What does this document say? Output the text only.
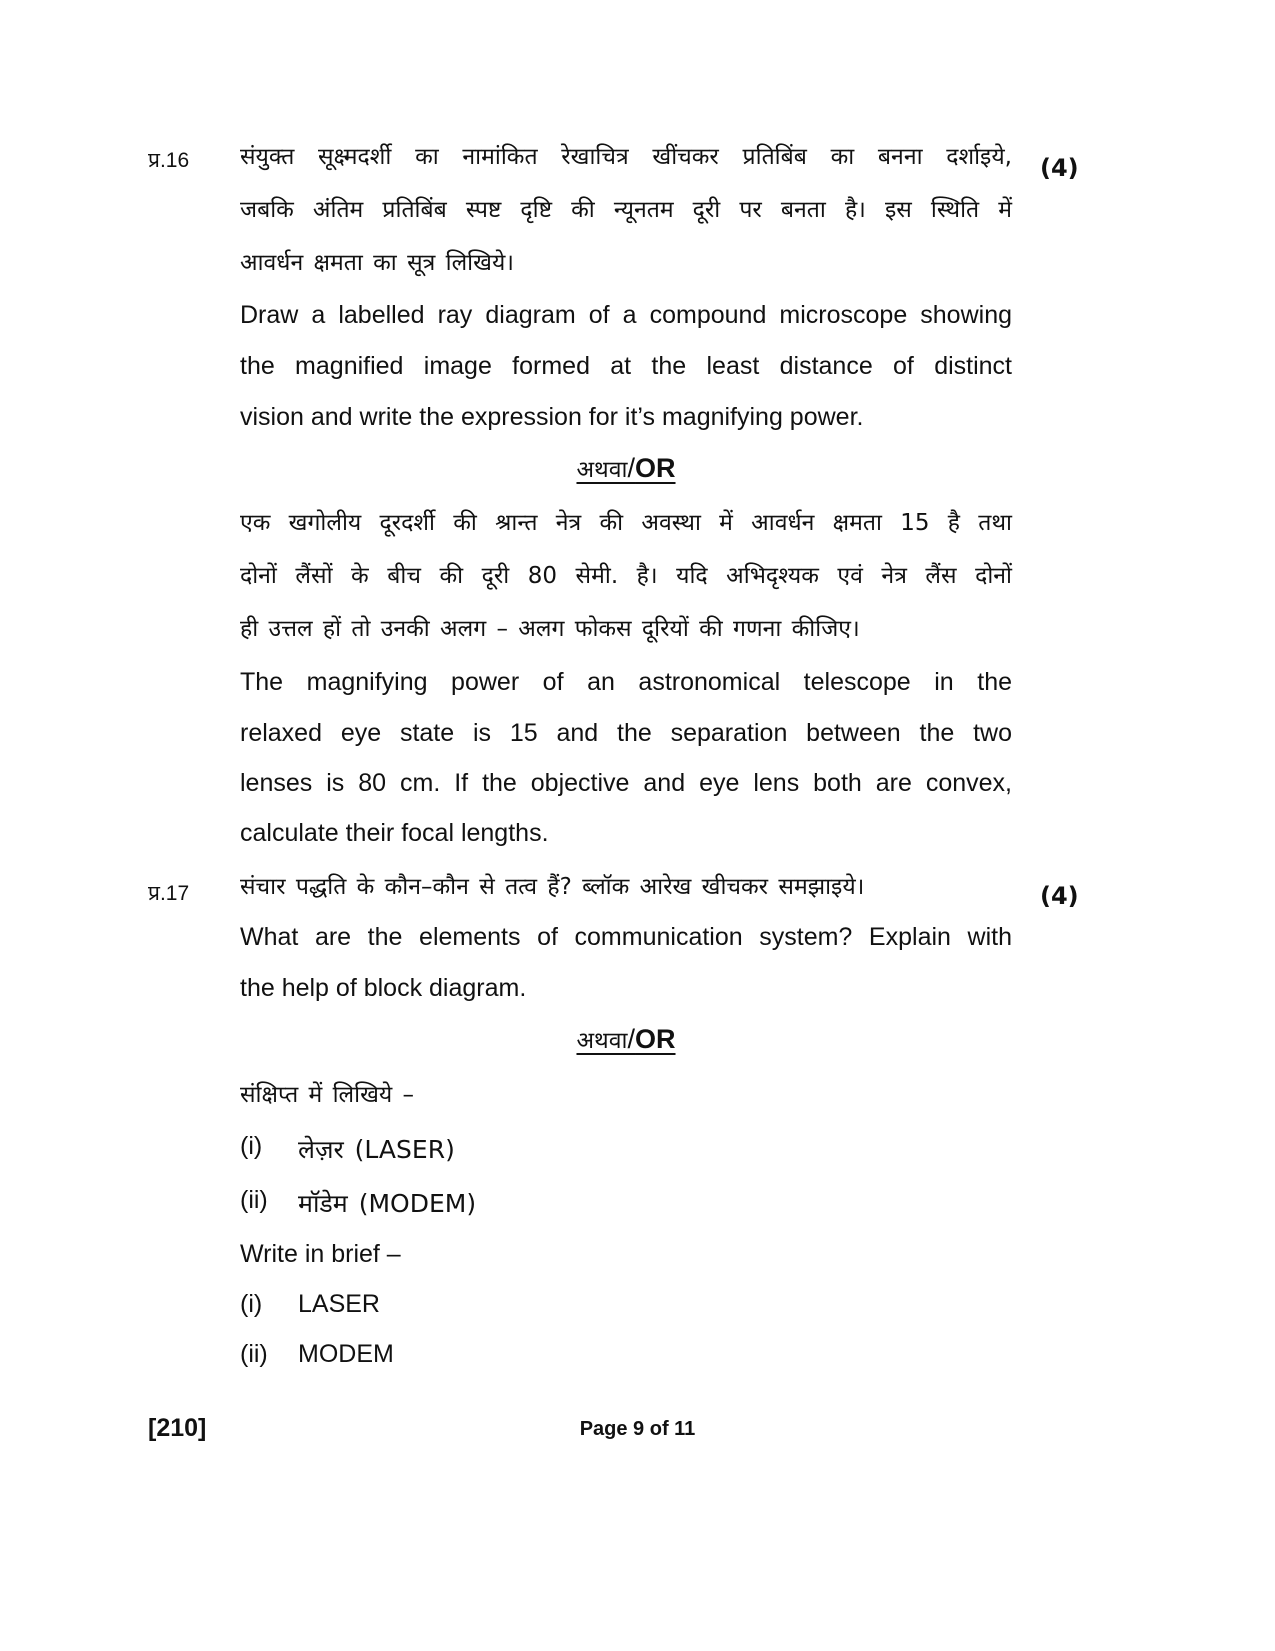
प्र.16	(4)
संयुक्त सूक्ष्मदर्शी का नामांकित रेखाचित्र खींचकर प्रतिबिंब का बनना दर्शाइये,
जबकि अंतिम प्रतिबिंब स्पष्ट दृष्टि की न्यूनतम दूरी पर बनता है। इस स्थिति में
आवर्धन क्षमता का सूत्र लिखिये।
Draw a labelled ray diagram of a compound microscope showing
the magnified image formed at the least distance of distinct
vision and write the expression for it’s magnifying power.
अथवा/OR
एक खगोलीय दूरदर्शी की श्रान्त नेत्र की अवस्था में आवर्धन क्षमता 15 है तथा
दोनों लैंसों के बीच की दूरी 80 सेमी. है। यदि अभिदृश्यक एवं नेत्र लैंस दोनों
ही उत्तल हों तो उनकी अलग – अलग फोकस दूरियों की गणना कीजिए।
The magnifying power of an astronomical telescope in the
relaxed eye state is 15 and the separation between the two
lenses is 80 cm. If the objective and eye lens both are convex,
calculate their focal lengths.
प्र.17	(4)
संचार पद्धति के कौन–कौन से तत्व हैं? ब्लॉक आरेख खीचकर समझाइये।
What are the elements of communication system? Explain with
the help of block diagram.
अथवा/OR
संक्षिप्त में लिखिये –
(i) लेज़र (LASER)
(ii) मॉडेम (MODEM)
Write in brief –
(i) LASER
(ii) MODEM
[210]	Page 9 of 11
